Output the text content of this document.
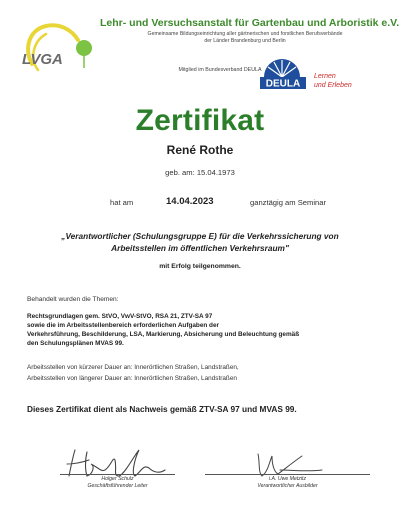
LVGA
Lehr- und Versuchsanstalt für Gartenbau und Arboristik e.V.
Gemeinsame Bildungseinrichtung aller gärtnerischen und forstlichen Berufsverbände
der Länder Brandenburg und Berlin
Mitglied im Bundesverband DEULA
DEULA
Lernen
und Erleben
Zertifikat
René Rothe
geb. am: 15.04.1973
hat am	14.04.2023	ganztägig am Seminar
„Verantwortlicher (Schulungsgruppe E) für die Verkehrssicherung von
Arbeitsstellen im öffentlichen Verkehrsraum"
mit Erfolg teilgenommen.
Behandelt wurden die Themen:
Rechtsgrundlagen gem. StVO, VwV-StVO, RSA 21, ZTV-SA 97
sowie die im Arbeitsstellenbereich erforderlichen Aufgaben der
Verkehrsführung, Beschilderung, LSA, Markierung, Absicherung und Beleuchtung gemäß
den Schulungsplänen MVAS 99.
Arbeitsstellen von kürzerer Dauer an: Innerörtlichen Straßen, Landstraßen,
Arbeitsstellen von längerer Dauer an: Innerörtlichen Straßen, Landstraßen
Dieses Zertifikat dient als Nachweis gemäß ZTV-SA 97 und MVAS 99.
Holger Schulz
Geschäftsführender Leiter
i.A. Uwe Metzitz
Verantwortlicher Ausbilder
